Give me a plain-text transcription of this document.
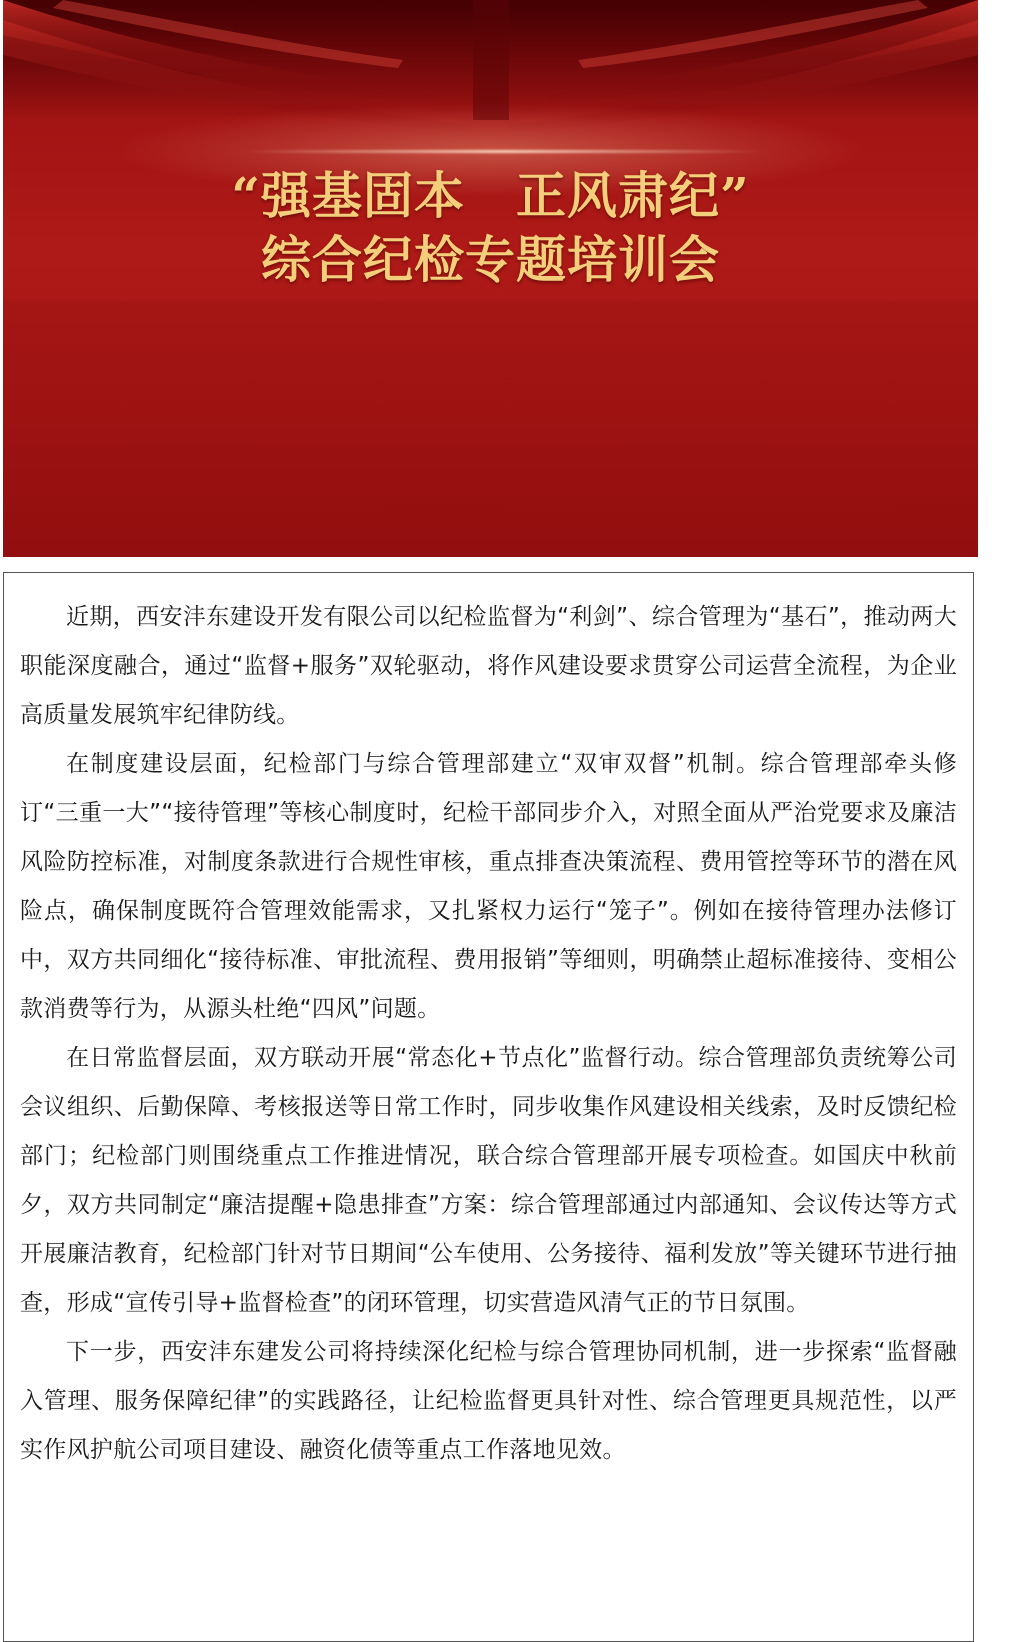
“强基固本　正风肃纪”
综合纪检专题培训会

近期，西安沣东建设开发有限公司以纪检监督为“利剑”、综合管理为“基石”，推动两大职能深度融合，通过“监督+服务”双轮驱动，将作风建设要求贯穿公司运营全流程，为企业高质量发展筑牢纪律防线。

在制度建设层面，纪检部门与综合管理部建立“双审双督”机制。综合管理部牵头修订“三重一大”“接待管理”等核心制度时，纪检干部同步介入，对照全面从严治党要求及廉洁风险防控标准，对制度条款进行合规性审核，重点排查决策流程、费用管控等环节的潜在风险点，确保制度既符合管理效能需求，又扎紧权力运行“笼子”。例如在接待管理办法修订中，双方共同细化“接待标准、审批流程、费用报销”等细则，明确禁止超标准接待、变相公款消费等行为，从源头杜绝“四风”问题。

在日常监督层面，双方联动开展“常态化+节点化”监督行动。综合管理部负责统筹公司会议组织、后勤保障、考核报送等日常工作时，同步收集作风建设相关线索，及时反馈纪检部门；纪检部门则围绕重点工作推进情况，联合综合管理部开展专项检查。如国庆中秋前夕，双方共同制定“廉洁提醒+隐患排查”方案：综合管理部通过内部通知、会议传达等方式开展廉洁教育，纪检部门针对节日期间“公车使用、公务接待、福利发放”等关键环节进行抽查，形成“宣传引导+监督检查”的闭环管理，切实营造风清气正的节日氛围。

下一步，西安沣东建发公司将持续深化纪检与综合管理协同机制，进一步探索“监督融入管理、服务保障纪律”的实践路径，让纪检监督更具针对性、综合管理更具规范性，以严实作风护航公司项目建设、融资化债等重点工作落地见效。
